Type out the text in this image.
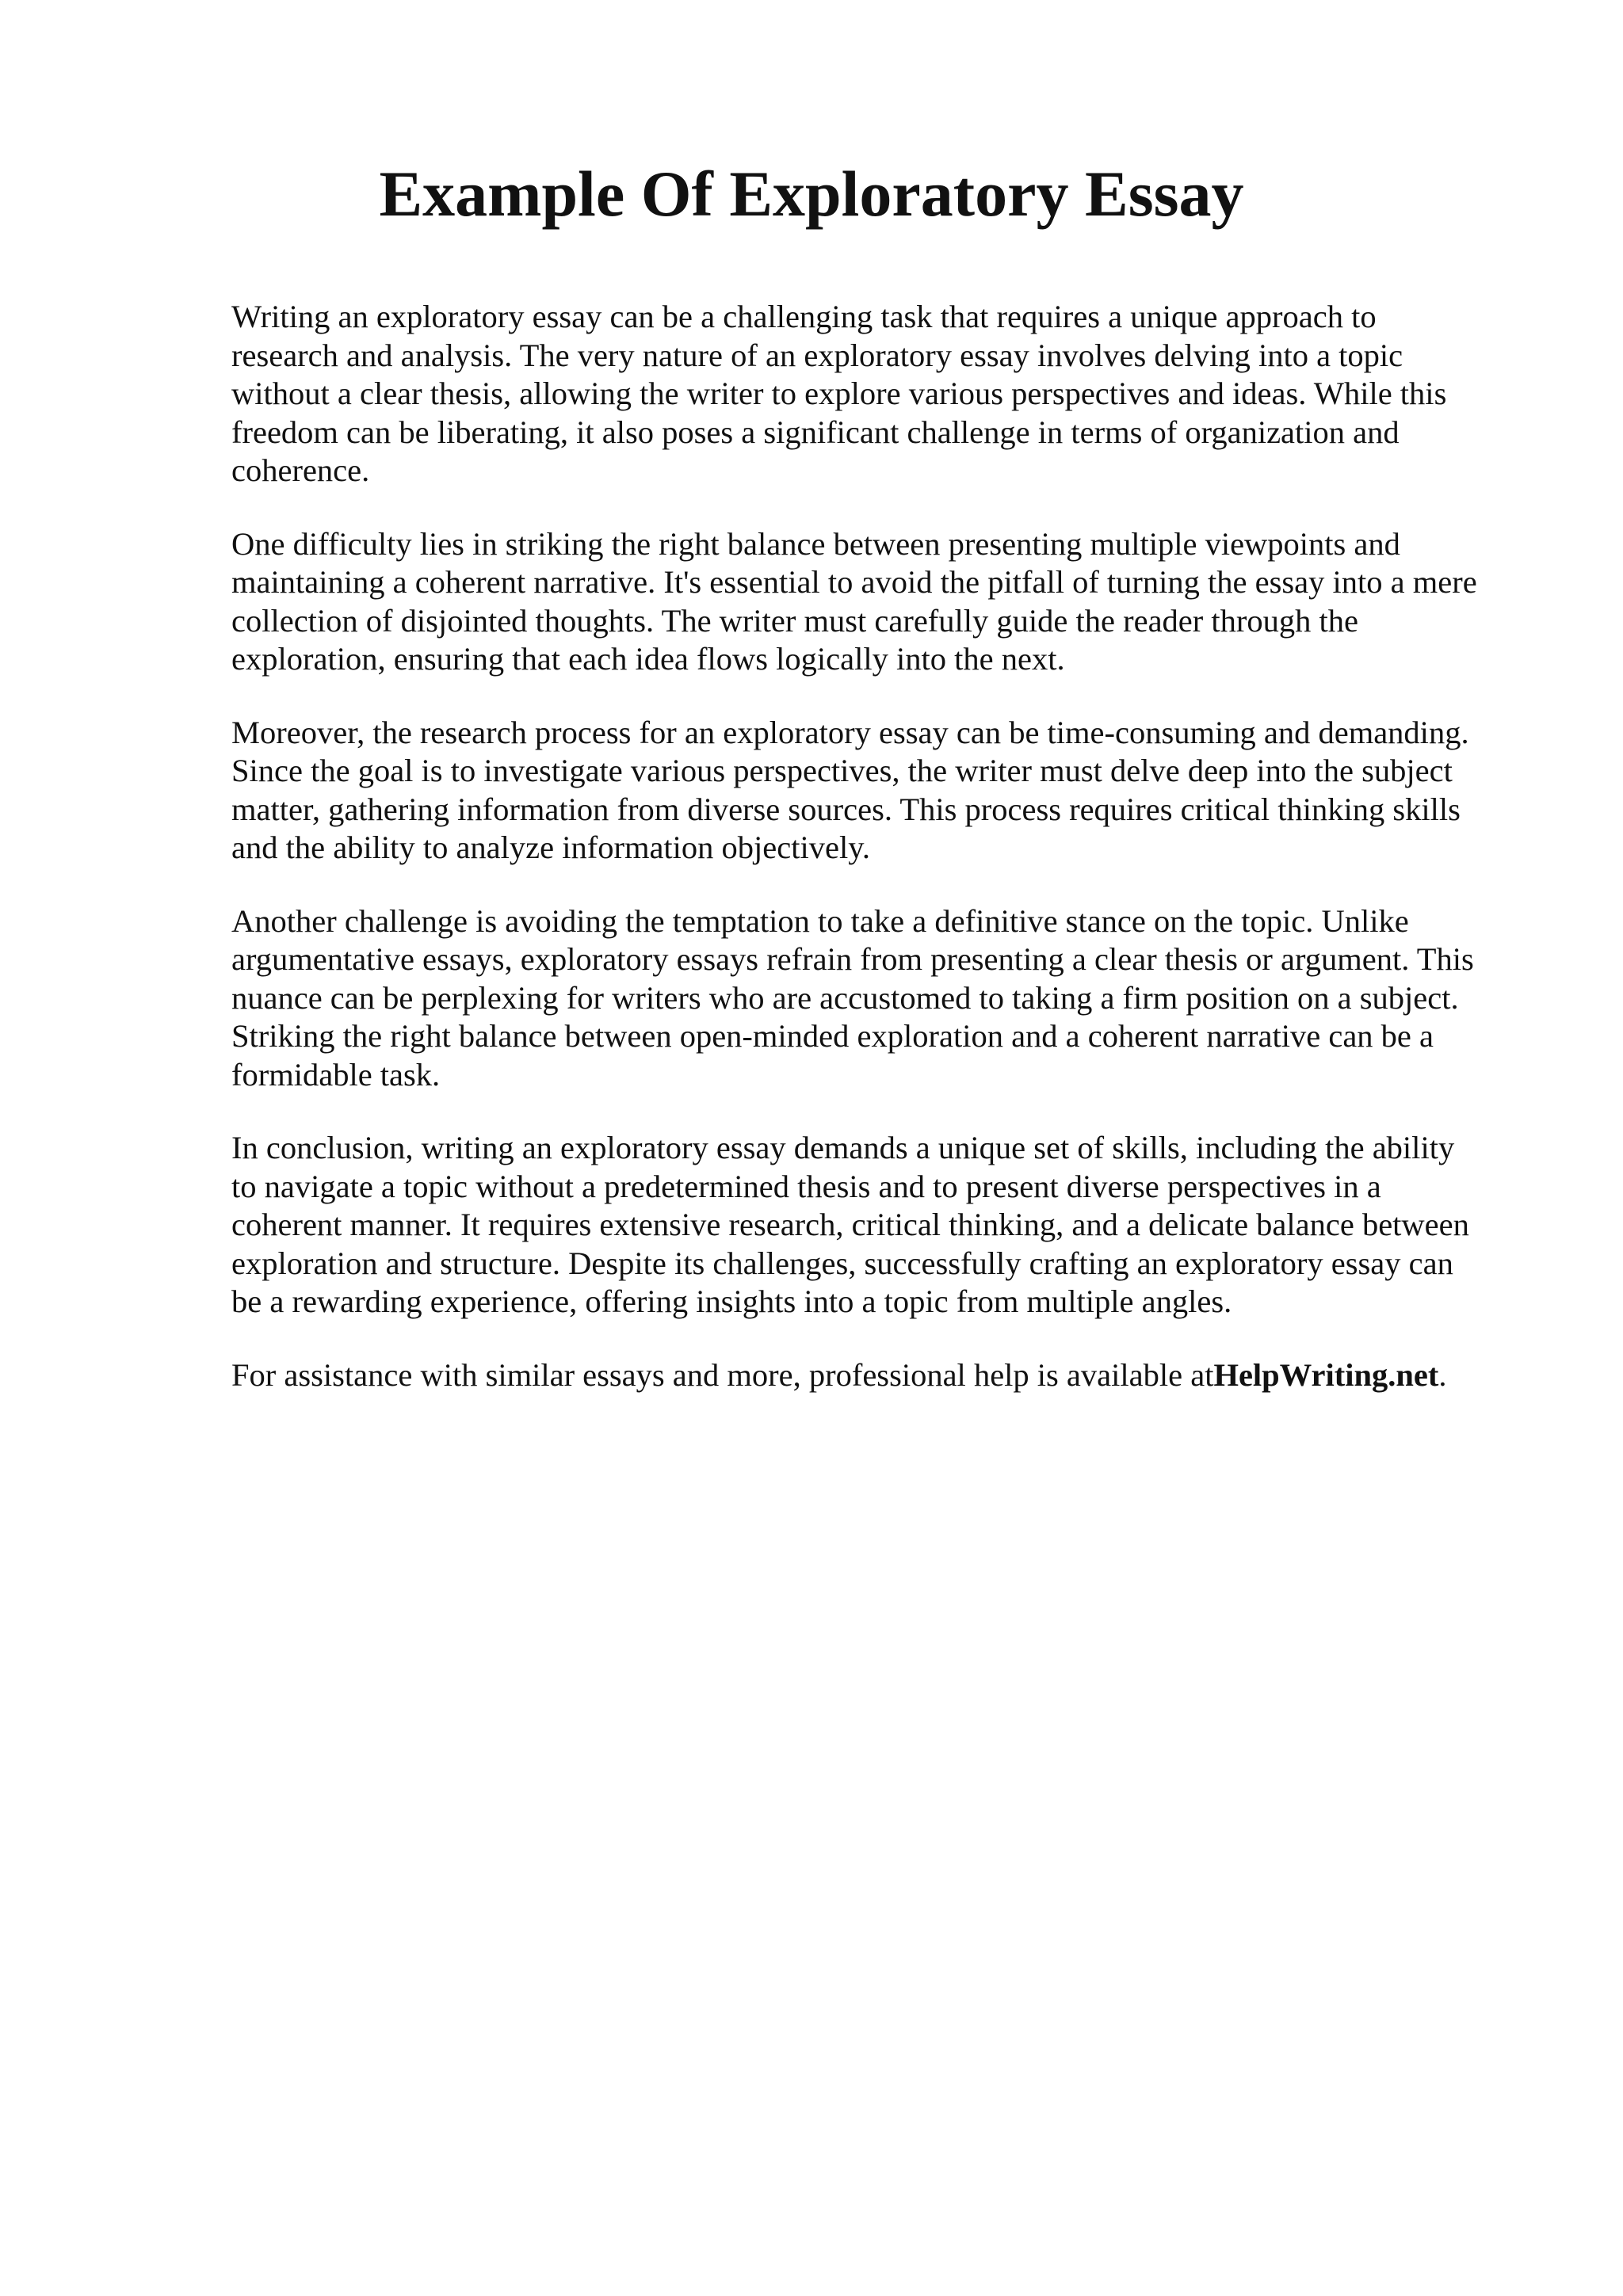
Example Of Exploratory Essay

Writing an exploratory essay can be a challenging task that requires a unique approach to
research and analysis. The very nature of an exploratory essay involves delving into a topic
without a clear thesis, allowing the writer to explore various perspectives and ideas. While this
freedom can be liberating, it also poses a significant challenge in terms of organization and
coherence.

One difficulty lies in striking the right balance between presenting multiple viewpoints and
maintaining a coherent narrative. It's essential to avoid the pitfall of turning the essay into a mere
collection of disjointed thoughts. The writer must carefully guide the reader through the
exploration, ensuring that each idea flows logically into the next.

Moreover, the research process for an exploratory essay can be time-consuming and demanding.
Since the goal is to investigate various perspectives, the writer must delve deep into the subject
matter, gathering information from diverse sources. This process requires critical thinking skills
and the ability to analyze information objectively.

Another challenge is avoiding the temptation to take a definitive stance on the topic. Unlike
argumentative essays, exploratory essays refrain from presenting a clear thesis or argument. This
nuance can be perplexing for writers who are accustomed to taking a firm position on a subject.
Striking the right balance between open-minded exploration and a coherent narrative can be a
formidable task.

In conclusion, writing an exploratory essay demands a unique set of skills, including the ability
to navigate a topic without a predetermined thesis and to present diverse perspectives in a
coherent manner. It requires extensive research, critical thinking, and a delicate balance between
exploration and structure. Despite its challenges, successfully crafting an exploratory essay can
be a rewarding experience, offering insights into a topic from multiple angles.

For assistance with similar essays and more, professional help is available atHelpWriting.net.
